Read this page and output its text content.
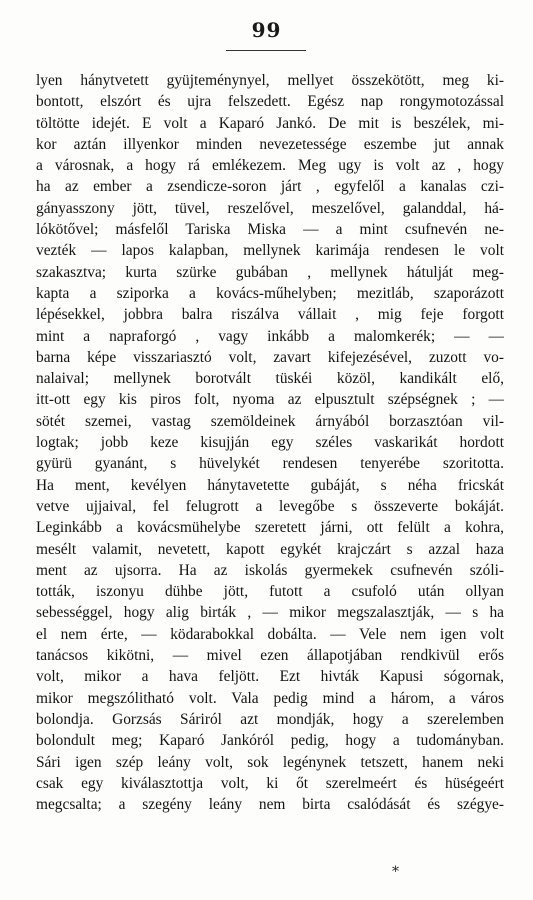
99
lyen hánytvetett gyüjteménynyel, mellyet összekötött, meg ki-
bontott, elszórt és ujra felszedett. Egész nap rongymotozással
töltötte idejét. E volt a Kaparó Jankó. De mit is beszélek, mi-
kor aztán illyenkor minden nevezetessége eszembe jut annak
a városnak, a hogy rá emlékezem. Meg ugy is volt az , hogy
ha az ember a zsendicze-soron járt , egyfelől a kanalas czi-
gányasszony jött, tüvel, reszelővel, meszelővel, galanddal, há-
lókötővel; másfelől Tariska Miska — a mint csufnevén ne-
vezték — lapos kalapban, mellynek karimája rendesen le volt
szakasztva; kurta szürke gubában , mellynek hátulját meg-
kapta a sziporka a kovács-műhelyben; mezitláb, szaporázott
lépésekkel, jobbra balra riszálva vállait , mig feje forgott
mint a napraforgó , vagy inkább a malomkerék; — —
barna képe visszariasztó volt, zavart kifejezésével, zuzott vo-
nalaival; mellynek borotvált tüskéi közöl, kandikált elő,
itt-ott egy kis piros folt, nyoma az elpusztult szépségnek ; —
sötét szemei, vastag szemöldeinek árnyából borzasztóan vil-
logtak; jobb keze kisujján egy széles vaskarikát hordott
gyürü gyanánt, s hüvelykét rendesen tenyerébe szoritotta.
Ha ment, kevélyen hánytavetette gubáját, s néha fricskát
vetve ujjaival, fel felugrott a levegőbe s összeverte bokáját.
Leginkább a kovácsmühelybe szeretett járni, ott felült a kohra,
mesélt valamit, nevetett, kapott egykét krajczárt s azzal haza
ment az ujsorra. Ha az iskolás gyermekek csufnevén szóli-
tották, iszonyu dühbe jött, futott a csufoló után ollyan
sebességgel, hogy alig birták , — mikor megszalasztják, — s ha
el nem érte, — ködarabokkal dobálta. — Vele nem igen volt
tanácsos kikötni, — mivel ezen állapotjában rendkivül erős
volt, mikor a hava feljött. Ezt hivták Kapusi sógornak,
mikor megszólitható volt. Vala pedig mind a három, a város
bolondja. Gorzsás Sáriról azt mondják, hogy a szerelemben
bolondult meg; Kaparó Jankóról pedig, hogy a tudományban.
Sári igen szép leány volt, sok legénynek tetszett, hanem neki
csak egy kiválasztottja volt, ki őt szerelmeért és hüségeért
megcsalta; a szegény leány nem birta csalódását és szégye-
*
